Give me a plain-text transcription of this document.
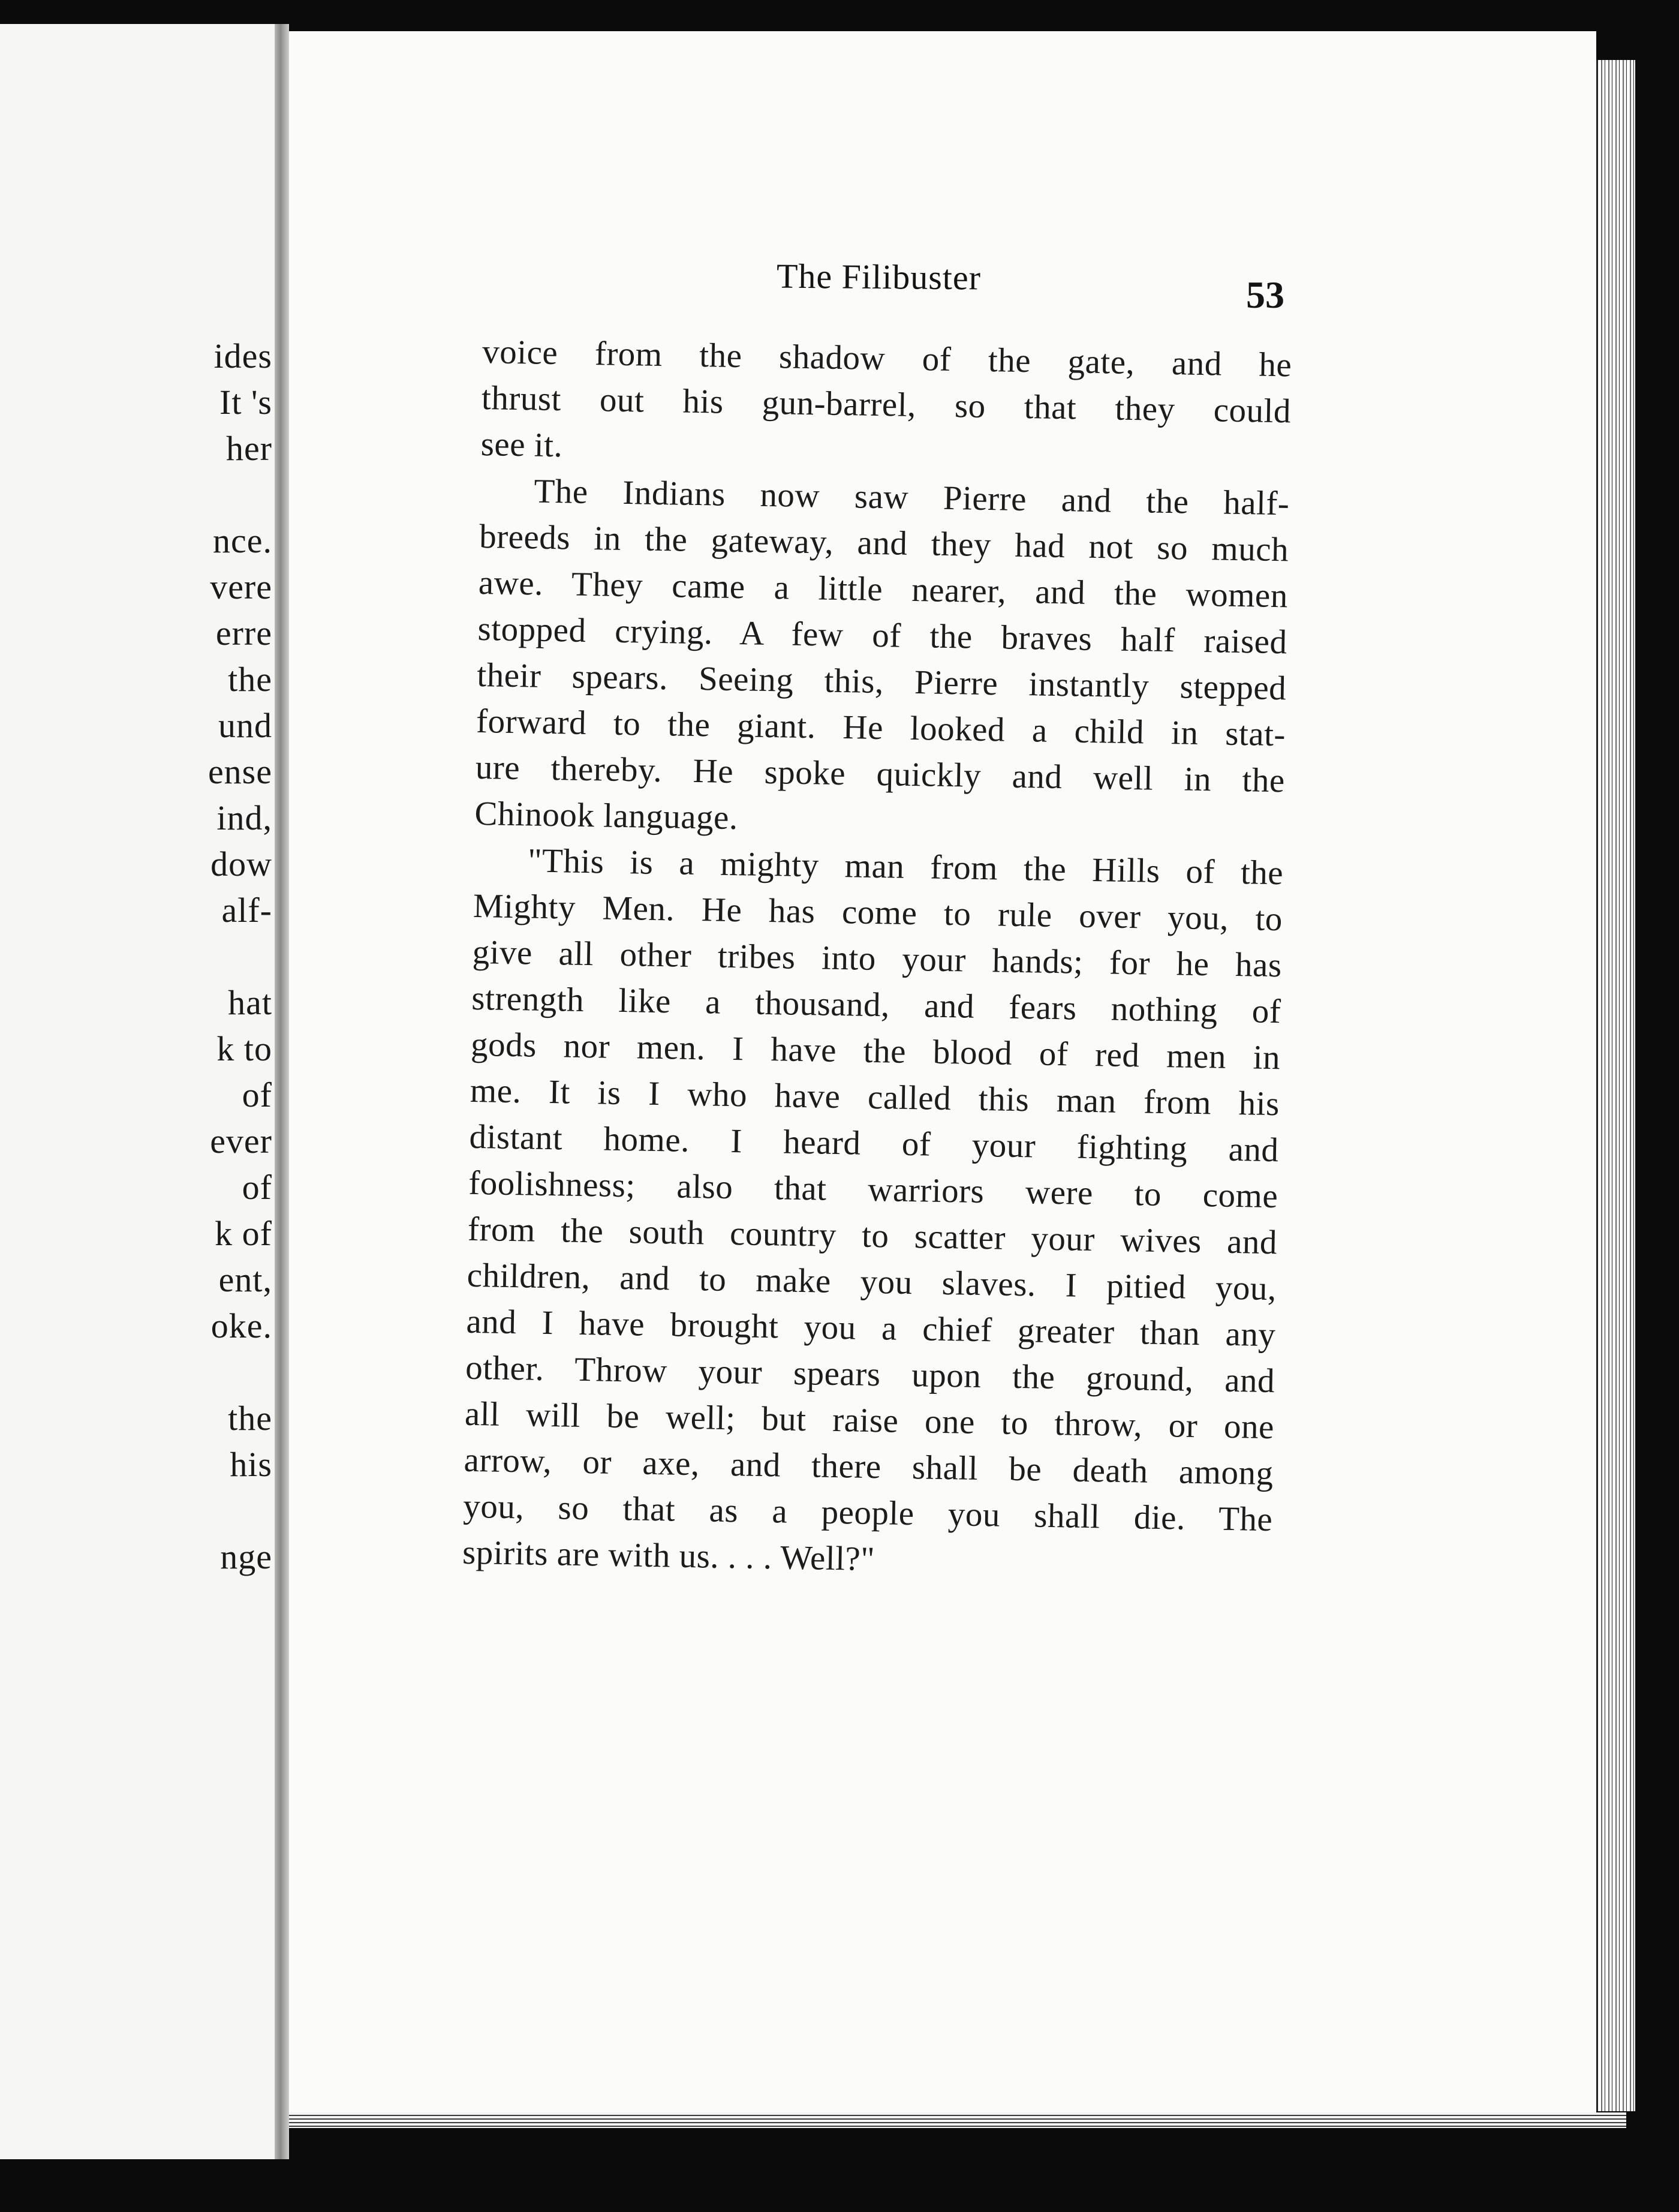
ides
It 's
her
nce.
vere
erre
the
und
ense
ind,
dow
alf-
hat
k to
of
ever
of
k of
ent,
oke.
the
his
nge
The Filibuster	53
voice from the shadow of the gate, and he
thrust out his gun-barrel, so that they could
see it.
The Indians now saw Pierre and the half-
breeds in the gateway, and they had not so much
awe. They came a little nearer, and the women
stopped crying. A few of the braves half raised
their spears. Seeing this, Pierre instantly stepped
forward to the giant. He looked a child in stat-
ure thereby. He spoke quickly and well in the
Chinook language.
"This is a mighty man from the Hills of the
Mighty Men. He has come to rule over you, to
give all other tribes into your hands; for he has
strength like a thousand, and fears nothing of
gods nor men. I have the blood of red men in
me. It is I who have called this man from his
distant home. I heard of your fighting and
foolishness; also that warriors were to come
from the south country to scatter your wives and
children, and to make you slaves. I pitied you,
and I have brought you a chief greater than any
other. Throw your spears upon the ground, and
all will be well; but raise one to throw, or one
arrow, or axe, and there shall be death among
you, so that as a people you shall die. The
spirits are with us. . . . Well?"
